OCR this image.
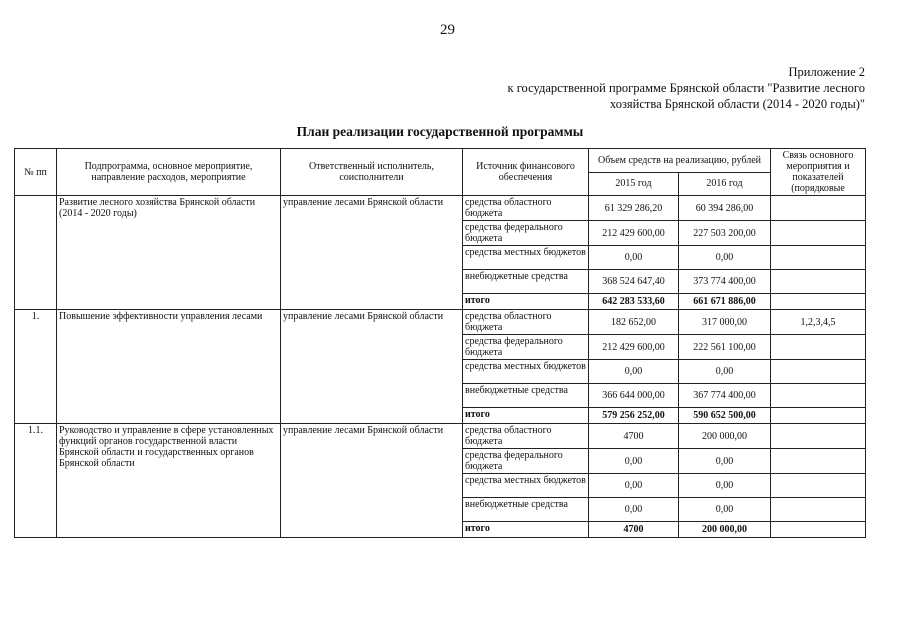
29
Приложение 2
к государственной программе Брянской области "Развитие лесного
хозяйства Брянской области (2014 - 2020 годы)"
План реализации государственной программы
№ пп	Подпрограмма, основное мероприятие, направление расходов, мероприятие	Ответственный исполнитель, соисполнители	Источник финансового обеспечения	Объем средств на реализацию, рублей		Связь основного мероприятия и показателей (порядковые
				2015 год	2016 год	
	Развитие лесного хозяйства Брянской области (2014 - 2020 годы)	управление лесами Брянской области	средства областного бюджета	61 329 286,20	60 394 286,00	
			средства федерального бюджета	212 429 600,00	227 503 200,00	
			средства местных бюджетов	0,00	0,00	
			внебюджетные средства	368 524 647,40	373 774 400,00	
			итого	642 283 533,60	661 671 886,00	
1.	Повышение эффективности управления лесами	управление лесами Брянской области	средства областного бюджета	182 652,00	317 000,00	1,2,3,4,5
			средства федерального бюджета	212 429 600,00	222 561 100,00	
			средства местных бюджетов	0,00	0,00	
			внебюджетные средства	366 644 000,00	367 774 400,00	
			итого	579 256 252,00	590 652 500,00	
1.1.	Руководство и управление в сфере установленных функций органов государственной власти Брянской области и государственных органов Брянской области	управление лесами Брянской области	средства областного бюджета	4700	200 000,00	
			средства федерального бюджета	0,00	0,00	
			средства местных бюджетов	0,00	0,00	
			внебюджетные средства	0,00	0,00	
			итого	4700	200 000,00	
